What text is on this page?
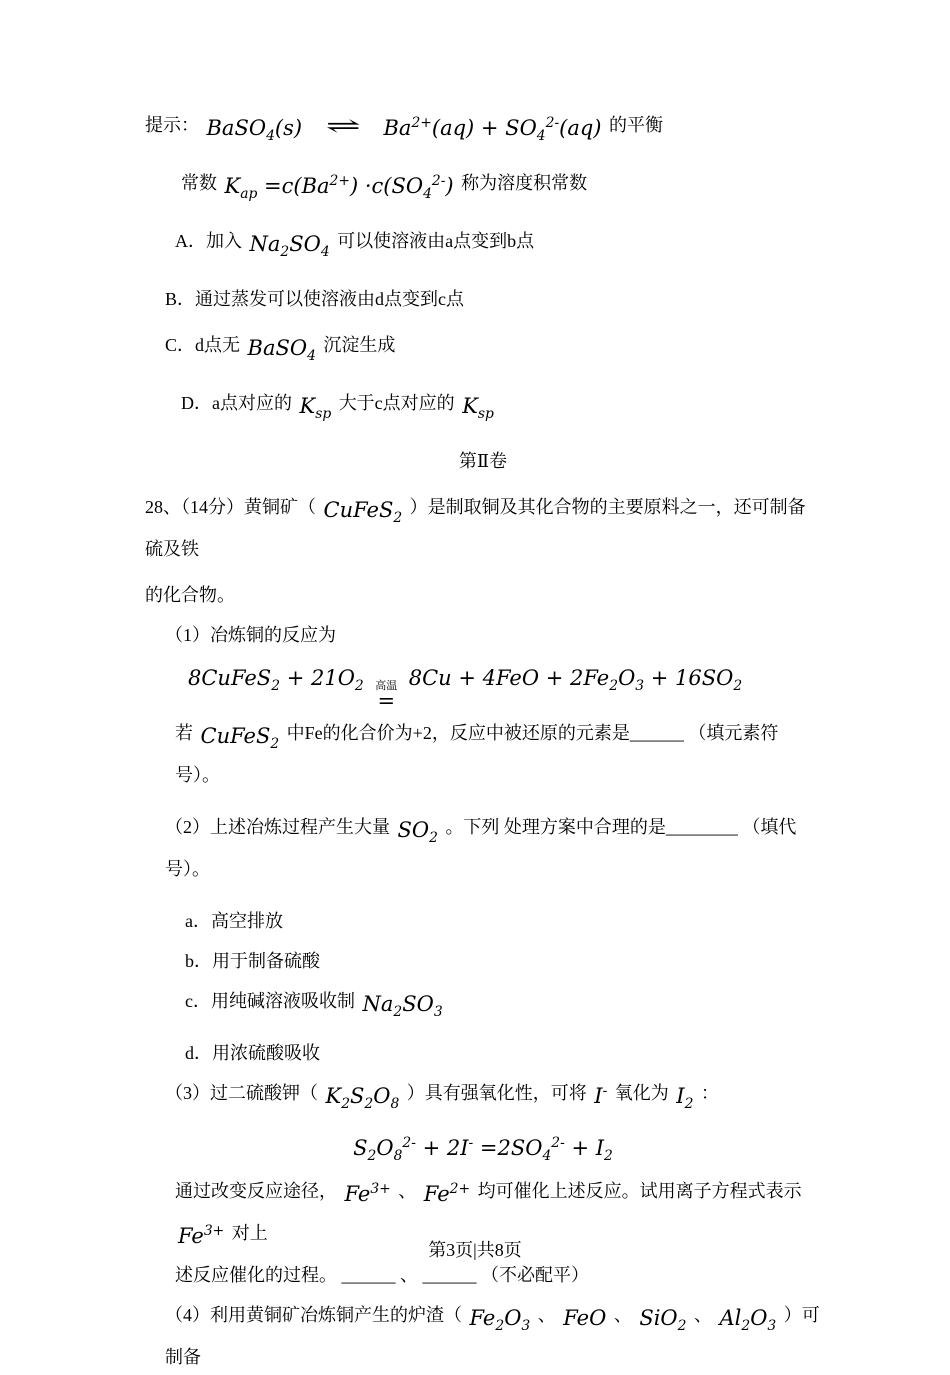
提示： BaSO$_4$(s) ⇌ $Ba^{2+}(aq) + SO_4^{2-}(aq)$ 的平衡
常数 $K_{ap} =c(Ba^{2+}) \cdot c(SO_4^{2-})$ 称为溶度积常数
A．加入 $Na_2SO_4$ 可以使溶液由a点变到b点
B．通过蒸发可以使溶液由d点变到c点
C．d点无 BaSO$_4$ 沉淀生成
D．a点对应的 $K_{sp}$ 大于c点对应的 $K_{sp}$
第Ⅱ卷
28、（14分）黄铜矿（ CuFeS$_2$ ）是制取铜及其化合物的主要原料之一，还可制备硫及铁
的化合物。
（1）冶炼铜的反应为
8CuFeS$_2$ + $21O_2$ 高温
=
$8Cu + 4FeO + 2Fe_2O_3 + 16SO_2$
若 CuFeS$_2$ 中Fe的化合价为+2，反应中被还原的元素是______ （填元素符号）。
（2）上述冶炼过程产生大量 $SO_2$ 。下列 处理方案中合理的是________ （填代号）。
a．高空排放
b．用于制备硫酸
c．用纯碱溶液吸收制 $Na_2SO_3$
d．用浓硫酸吸收
（3）过二硫酸钾（ $K_2S_2O_8$ ）具有强氧化性，可将 I- 氧化为 $I_2$ ：
$S_2O_8^{2-} + 2I^- =2SO_4^{2-} + I_2$
通过改变反应途径， $Fe^{3+}$ 、 $Fe^{2+}$ 均可催化上述反应。试用离子方程式表示 $Fe^{3+}$ 对上
述反应催化的过程。 ______ 、 ______ （不必配平）
（4）利用黄铜矿冶炼铜产生的炉渣（ $Fe_2O_3$ 、 FeO 、 SiO$_2$ 、 $Al_2O_3$ ）可制备
第3页|共8页
